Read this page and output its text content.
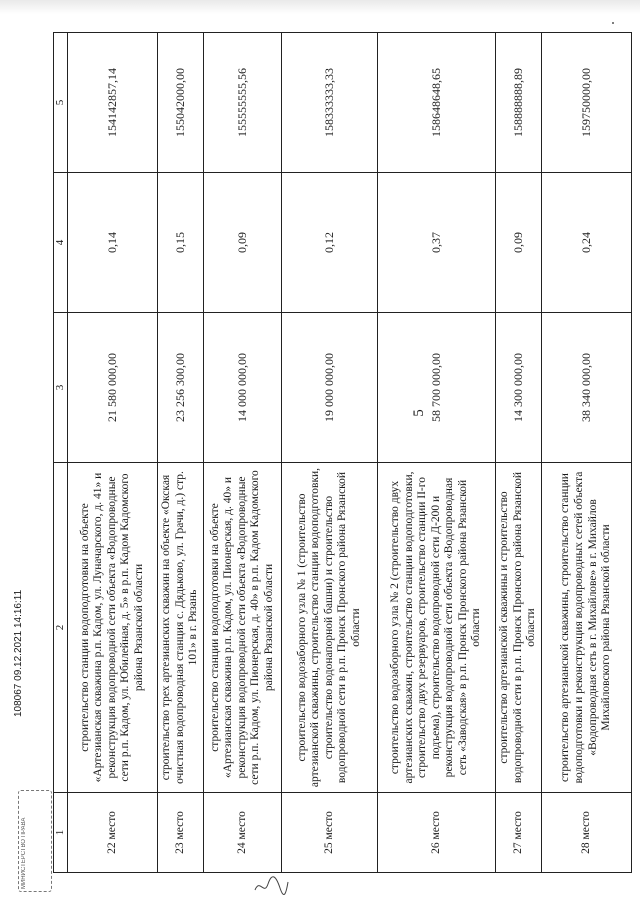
5
1	2	3	4	5
22 место	строительство станции водоподготовки на объекте «Артезианская скважина р.п. Кадом, ул. Луначарского, д. 41» и реконструкция водопроводной сети объекта «Водопроводные сети р.п. Кадом, ул. Юбилейная, д. 5» в р.п. Кадом Кадомского района Рязанской области	21 580 000,00	0,14	154142857,14
23 место	строительство трех артезианских скважин на объекте «Окская очистная водопроводная станция с. Дядьково, ул. Грачи, д.) стр. 101» в г. Рязань	23 256 300,00	0,15	155042000,00
24 место	строительство станции водоподготовки на объекте «Артезианская скважина р.п. Кадом, ул. Пионерская, д. 40» и реконструкция водопроводной сети объекта «Водопроводные сети р.п. Кадом, ул. Пионерская, д. 40» в р.п. Кадом Кадомского района Рязанской области	14 000 000,00	0,09	155555555,56
25 место	строительство водозаборного узла № 1 (строительство артезианской скважины, строительство станции водоподготовки, строительство водонапорной башни) и строительство водопроводной сети в р.п. Пронск Пронского района Рязанской области	19 000 000,00	0,12	158333333,33
26 место	строительство водозаборного узла № 2 (строительство двух артезианских скважин, строительство станции водоподготовки, строительство двух резервуаров, строительство станции II-го подъема), строительство водопроводной сети Д-200 и реконструкция водопроводной сети объекта «Водопроводная сеть «Заводская» в р.п. Пронск Пронского района Рязанской области	58 700 000,00	0,37	158648648,65
27 место	строительство артезианской скважины и строительство водопроводной сети в р.п. Пронск Пронского района Рязанской области	14 300 000,00	0,09	158888888,89
28 место	строительство артезианской скважины, строительство станции водоподготовки и реконструкция водопроводных сетей объекта «Водопроводная сеть в г. Михайлове» в г. Михайлов Михайловского района Рязанской области	38 340 000,00	0,24	159750000,00
108067 09.12.2021 14:16:11
МИНИСТЕРСТВО ПРАВА
